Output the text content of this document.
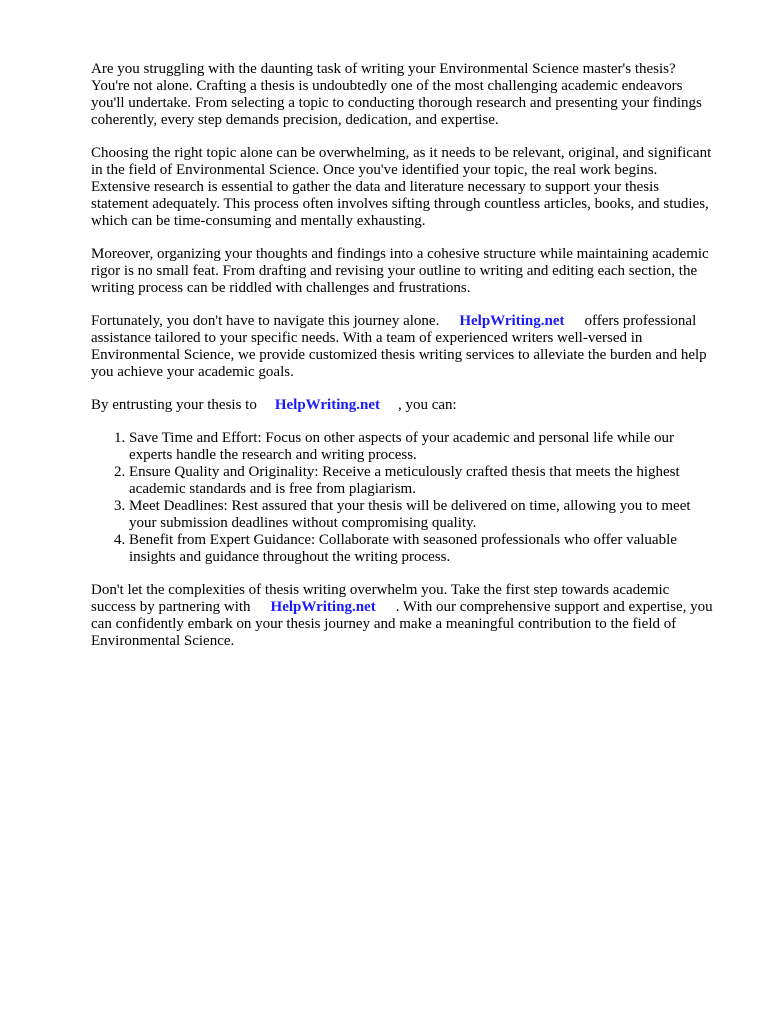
Are you struggling with the daunting task of writing your Environmental Science master's thesis? You're not alone. Crafting a thesis is undoubtedly one of the most challenging academic endeavors you'll undertake. From selecting a topic to conducting thorough research and presenting your findings coherently, every step demands precision, dedication, and expertise.

Choosing the right topic alone can be overwhelming, as it needs to be relevant, original, and significant in the field of Environmental Science. Once you've identified your topic, the real work begins. Extensive research is essential to gather the data and literature necessary to support your thesis statement adequately. This process often involves sifting through countless articles, books, and studies, which can be time-consuming and mentally exhausting.

Moreover, organizing your thoughts and findings into a cohesive structure while maintaining academic rigor is no small feat. From drafting and revising your outline to writing and editing each section, the writing process can be riddled with challenges and frustrations.

Fortunately, you don't have to navigate this journey alone. HelpWriting.net offers professional assistance tailored to your specific needs. With a team of experienced writers well-versed in Environmental Science, we provide customized thesis writing services to alleviate the burden and help you achieve your academic goals.

By entrusting your thesis to HelpWriting.net , you can:

1. Save Time and Effort: Focus on other aspects of your academic and personal life while our experts handle the research and writing process.
2. Ensure Quality and Originality: Receive a meticulously crafted thesis that meets the highest academic standards and is free from plagiarism.
3. Meet Deadlines: Rest assured that your thesis will be delivered on time, allowing you to meet your submission deadlines without compromising quality.
4. Benefit from Expert Guidance: Collaborate with seasoned professionals who offer valuable insights and guidance throughout the writing process.

Don't let the complexities of thesis writing overwhelm you. Take the first step towards academic success by partnering with HelpWriting.net . With our comprehensive support and expertise, you can confidently embark on your thesis journey and make a meaningful contribution to the field of Environmental Science.
